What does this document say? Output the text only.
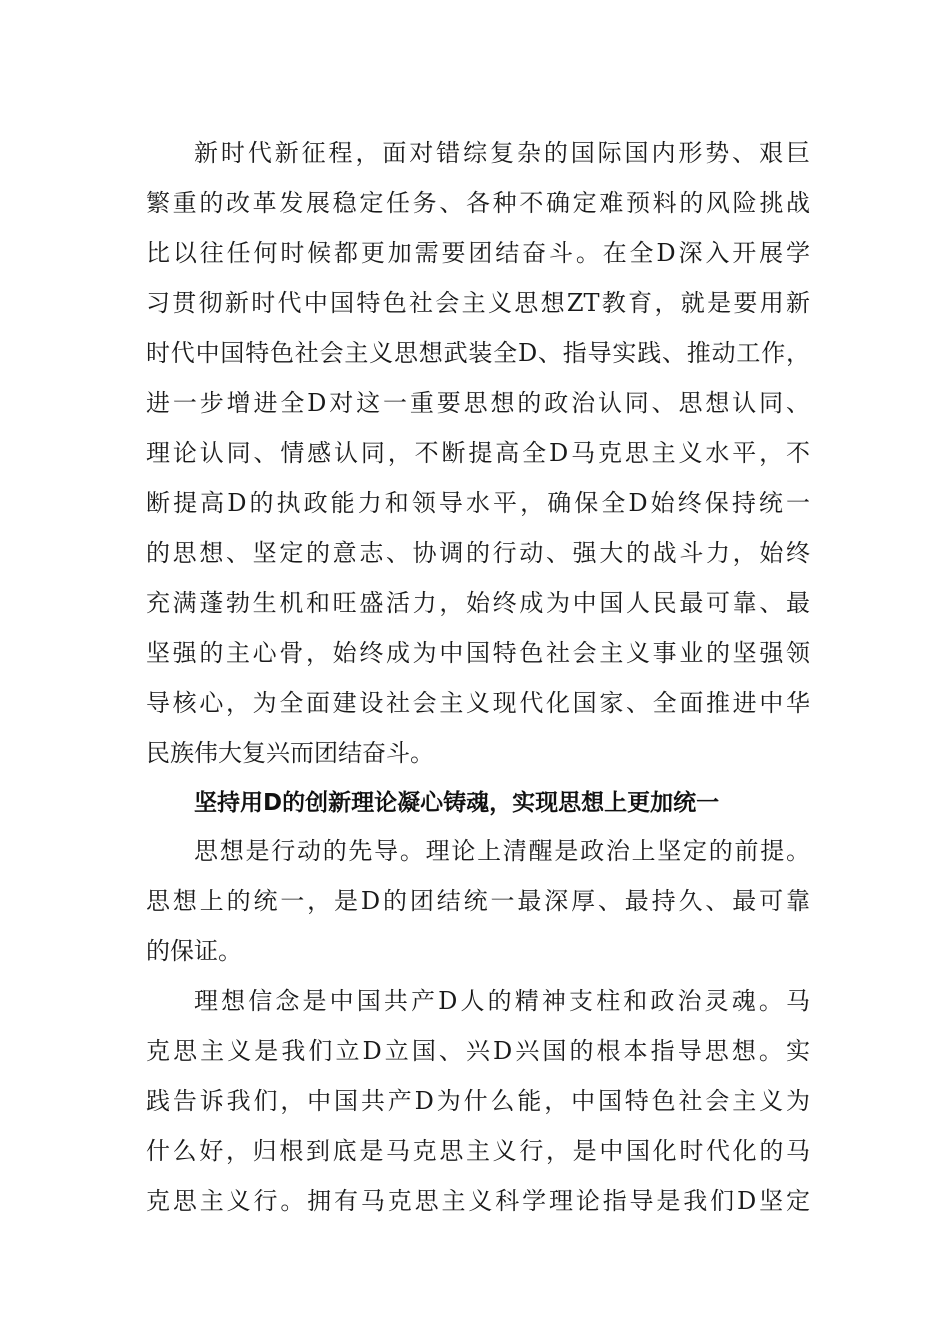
新时代新征程，面对错综复杂的国际国内形势、艰巨
繁重的改革发展稳定任务、各种不确定难预料的风险挑战
比以往任何时候都更加需要团结奋斗。在全D深入开展学
习贯彻新时代中国特色社会主义思想ZT教育，就是要用新
时代中国特色社会主义思想武装全D、指导实践、推动工作，
进一步增进全D对这一重要思想的政治认同、思想认同、
理论认同、情感认同，不断提高全D马克思主义水平，不
断提高D的执政能力和领导水平，确保全D始终保持统一
的思想、坚定的意志、协调的行动、强大的战斗力，始终
充满蓬勃生机和旺盛活力，始终成为中国人民最可靠、最
坚强的主心骨，始终成为中国特色社会主义事业的坚强领
导核心，为全面建设社会主义现代化国家、全面推进中华
民族伟大复兴而团结奋斗。
坚持用D的创新理论凝心铸魂，实现思想上更加统一
思想是行动的先导。理论上清醒是政治上坚定的前提。
思想上的统一，是D的团结统一最深厚、最持久、最可靠
的保证。
理想信念是中国共产D人的精神支柱和政治灵魂。马
克思主义是我们立D立国、兴D兴国的根本指导思想。实
践告诉我们，中国共产D为什么能，中国特色社会主义为
什么好，归根到底是马克思主义行，是中国化时代化的马
克思主义行。拥有马克思主义科学理论指导是我们D坚定
